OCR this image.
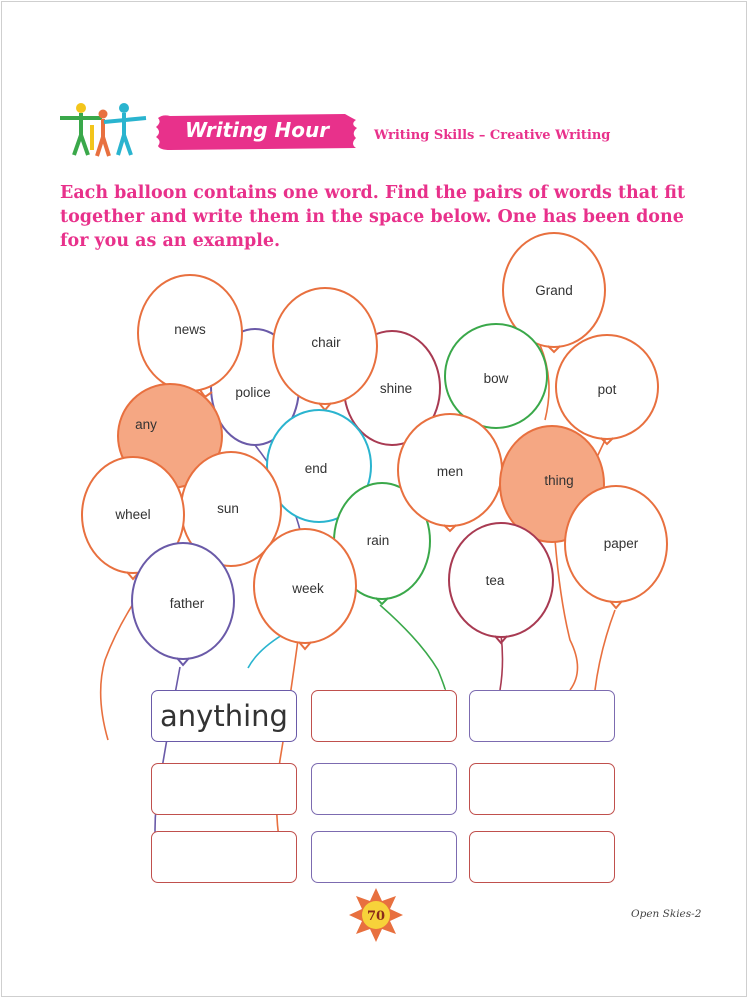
Grand
pot
bow
shine
police
news
chair
any
end
rain
men
thing
paper
sun
wheel
father
week
tea
70
Writing Hour	Writing Skills – Creative Writing
Each balloon contains one word. Find the pairs of words that fit together and write them in the space below. One has been done for you as an example.
anything
Open Skies-2
